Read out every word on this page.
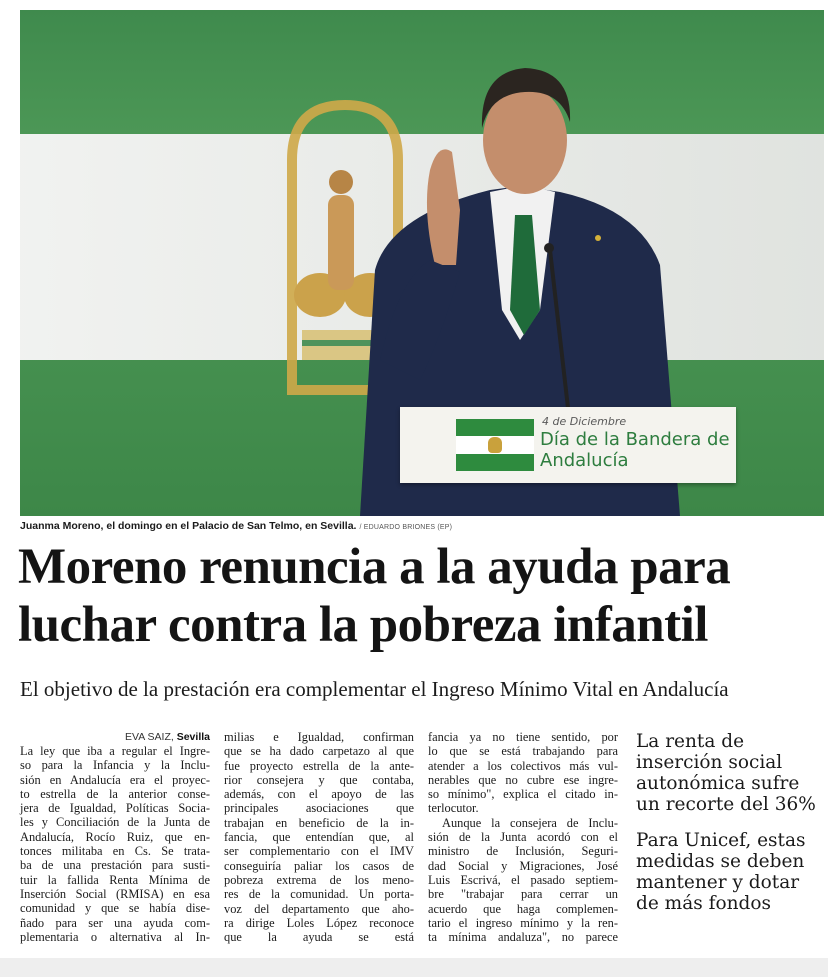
4 de Diciembre
Día de la Bandera de Andalucía
Juanma Moreno, el domingo en el Palacio de San Telmo, en Sevilla. / EDUARDO BRIONES (EP)
Moreno renuncia a la ayuda para
luchar contra la pobreza infantil

El objetivo de la prestación era complementar el Ingreso Mínimo Vital en Andalucía

EVA SAIZ, Sevilla
La ley que iba a regular el Ingre-
so para la Infancia y la Inclu-
sión en Andalucía era el proyec-
to estrella de la anterior conse-
jera de Igualdad, Políticas Socia-
les y Conciliación de la Junta de
Andalucía, Rocío Ruiz, que en-
tonces militaba en Cs. Se trata-
ba de una prestación para susti-
tuir la fallida Renta Mínima de
Inserción Social (RMISA) en esa
comunidad y que se había dise-
ñado para ser una ayuda com-
plementaria o alternativa al In-
milias e Igualdad, confirman
que se ha dado carpetazo al que
fue proyecto estrella de la ante-
rior consejera y que contaba,
además, con el apoyo de las
principales asociaciones que
trabajan en beneficio de la in-
fancia, que entendían que, al
ser complementario con el IMV
conseguiría paliar los casos de
pobreza extrema de los meno-
res de la comunidad. Un porta-
voz del departamento que aho-
ra dirige Loles López reconoce
que la ayuda se está
fancia ya no tiene sentido, por
lo que se está trabajando para
atender a los colectivos más vul-
nerables que no cubre ese ingre-
so mínimo", explica el citado in-
terlocutor.
Aunque la consejera de Inclu-
sión de la Junta acordó con el
ministro de Inclusión, Seguri-
dad Social y Migraciones, José
Luis Escrivá, el pasado septiem-
bre "trabajar para cerrar un
acuerdo que haga complemen-
tario el ingreso mínimo y la ren-
ta mínima andaluza", no parece
La renta de inserción social autonómica sufre un recorte del 36%
Para Unicef, estas medidas se deben mantener y dotar de más fondos
